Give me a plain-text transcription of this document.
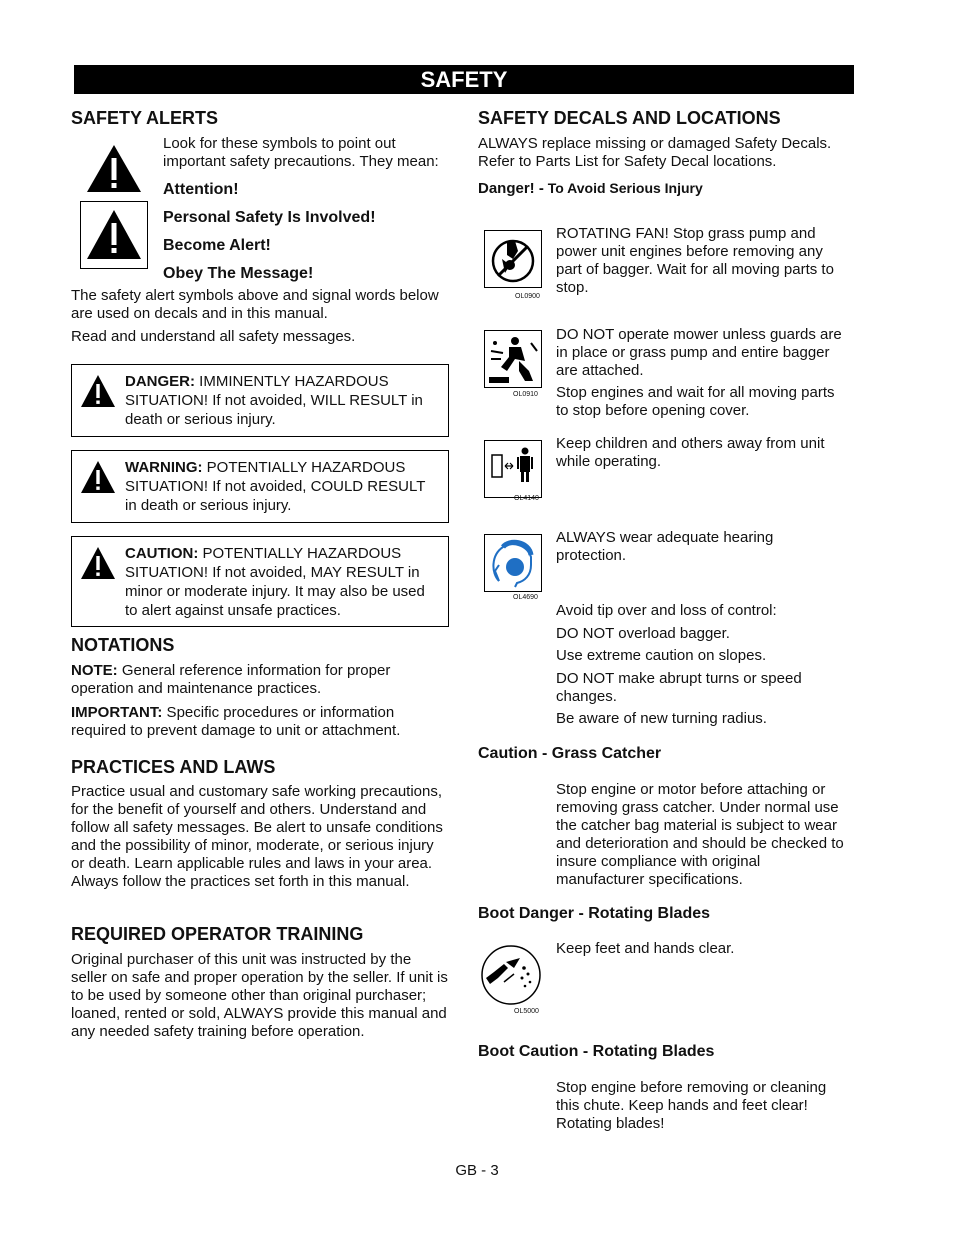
SAFETY
SAFETY ALERTS

Look for these symbols to point out important safety precautions. They mean:

Attention!
Personal Safety Is Involved!
Become Alert!
Obey The Message!

The safety alert symbols above and signal words below are used on decals and in this manual.

Read and understand all safety messages.

DANGER: IMMINENTLY HAZARDOUS SITUATION! If not avoided, WILL RESULT in death or serious injury.

WARNING: POTENTIALLY HAZARDOUS SITUATION! If not avoided, COULD RESULT in death or serious injury.

CAUTION: POTENTIALLY HAZARDOUS SITUATION! If not avoided, MAY RESULT in minor or moderate injury. It may also be used to alert against unsafe practices.

NOTATIONS

NOTE: General reference information for proper operation and maintenance practices.

IMPORTANT: Specific procedures or information required to prevent damage to unit or attachment.

PRACTICES AND LAWS

Practice usual and customary safe working precautions, for the benefit of yourself and others. Understand and follow all safety messages. Be alert to unsafe conditions and the possibility of minor, moderate, or serious injury or death. Learn applicable rules and laws in your area. Always follow the practices set forth in this manual.

REQUIRED OPERATOR TRAINING

Original purchaser of this unit was instructed by the seller on safe and proper operation by the seller. If unit is to be used by someone other than original purchaser; loaned, rented or sold, ALWAYS provide this manual and any needed safety training before operation.

SAFETY DECALS AND LOCATIONS

ALWAYS replace missing or damaged Safety Decals. Refer to Parts List for Safety Decal locations.

Danger! - To Avoid Serious Injury
OL0900

ROTATING FAN! Stop grass pump and power unit engines before removing any part of bagger. Wait for all moving parts to stop.

OL0910

DO NOT operate mower unless guards are in place or grass pump and entire bagger are attached.

Stop engines and wait for all moving parts to stop before opening cover.

OL4140

Keep children and others away from unit while operating.

OL4690

ALWAYS wear adequate hearing protection.

Avoid tip over and loss of control:

DO NOT overload bagger.

Use extreme caution on slopes.

DO NOT make abrupt turns or speed changes.

Be aware of new turning radius.

Caution - Grass Catcher

Stop engine or motor before attaching or removing grass catcher. Under normal use the catcher bag material is subject to wear and deterioration and should be checked to insure compliance with original manufacturer specifications.

Boot Danger - Rotating Blades
OL5000

Keep feet and hands clear.

Boot Caution - Rotating Blades

Stop engine before removing or cleaning this chute. Keep hands and feet clear! Rotating blades!

GB - 3
